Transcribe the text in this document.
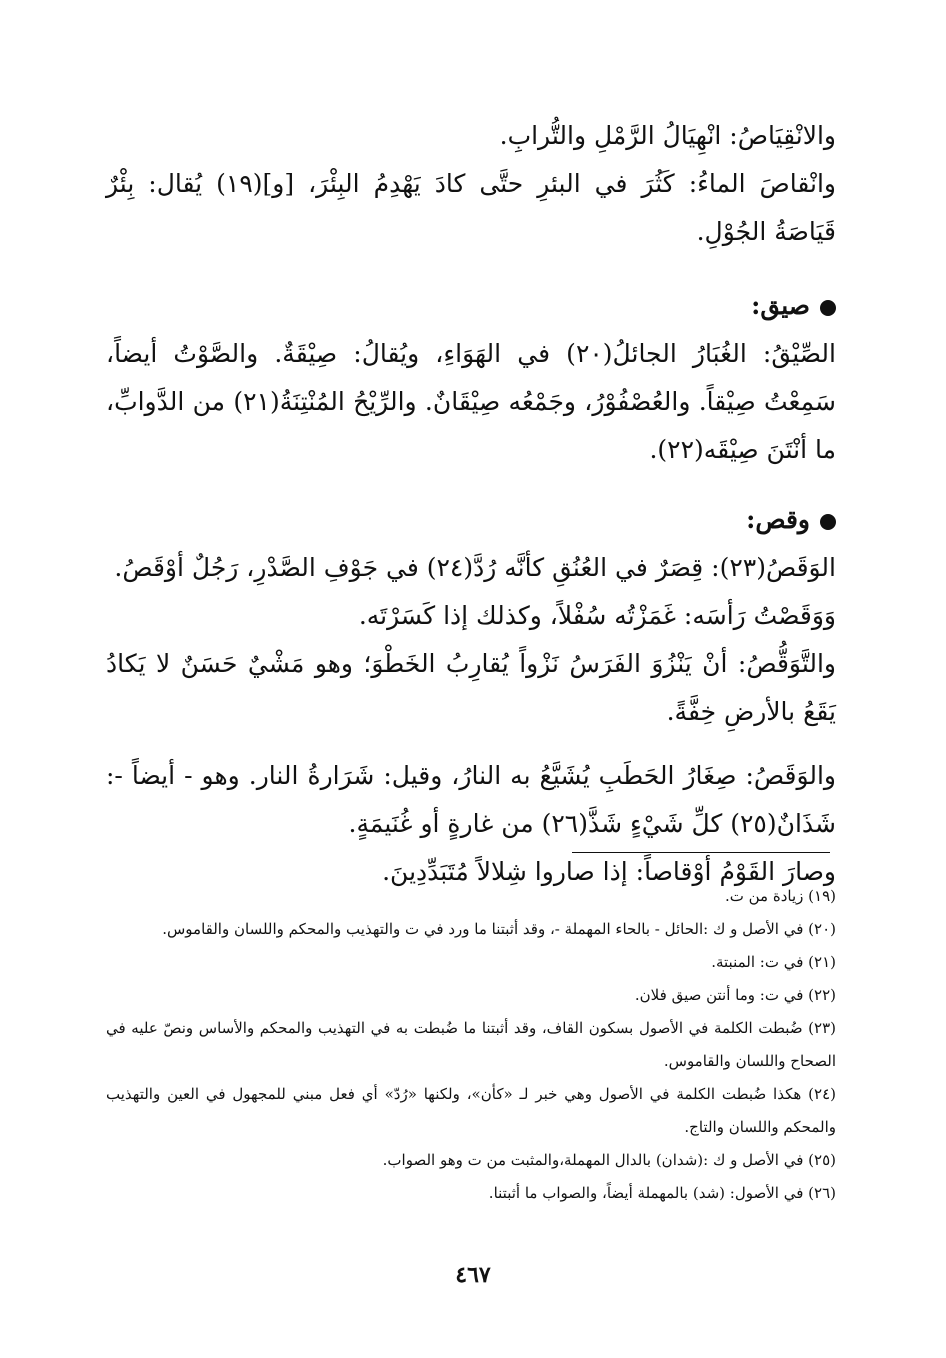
والانْقِيَاصُ: انْهِيَالُ الرَّمْلِ والتُّرابِ.

وانْقاصَ الماءُ: كَثُرَ في البئرِ حتَّى كادَ يَهْدِمُ البِئْرَ، [و](١٩) يُقال: بِئْرٌ قَيَاصَةُ الجُوْلِ.

صيق:

الصِّيْقُ: الغُبَارُ الجائلُ(٢٠) في الهَوَاءِ، ويُقالُ: صِيْقَةٌ. والصَّوْتُ أيضاً، سَمِعْتُ صِيْقاً. والعُصْفُوْرُ، وجَمْعُه صِيْقَانٌ. والرِّيْحُ المُنْتِنَةُ(٢١) من الدَّوابِّ، ما أنْتَنَ صِيْقَه(٢٢).

وقص:

الوَقَصُ(٢٣): قِصَرٌ في العُنُقِ كأنَّه رُدَّ(٢٤) في جَوْفِ الصَّدْرِ، رَجُلٌ أوْقَصُ.

وَوَقَصْتُ رَأسَه: غَمَزْتُه سُفْلاً، وكذلك إذا كَسَرْتَه.

والتَّوَقُّصُ: أنْ يَنْزُوَ الفَرَسُ نَزْواً يُقارِبُ الخَطْوَ؛ وهو مَشْيٌ حَسَنٌ لا يَكادُ يَقَعُ بالأرضِ خِفَّةً.

والوَقَصُ: صِغَارُ الحَطَبِ يُشَيَّعُ به النارُ، وقيل: شَرَارةُ النار. وهو - أيضاً -: شَذَانٌ(٢٥) كلِّ شَيْءٍ شَذَّ(٢٦) من غارةٍ أو غُنَيمَةٍ.

وصارَ القَوْمُ أوْقاصاً: إذا صاروا شِلالاً مُتَبَدِّدِينَ.

(١٩) زيادة من ت.

(٢٠) في الأصل و ك :الحائل - بالحاء المهملة -، وقد أثبتنا ما ورد في ت والتهذيب والمحكم واللسان والقاموس.

(٢١) في ت: المنبتة.

(٢٢) في ت: وما أنتن صيق فلان.

(٢٣) ضُبطت الكلمة في الأصول بسكون القاف، وقد أثبتنا ما ضُبطت به في التهذيب والمحكم والأساس ونصّ عليه في الصحاح واللسان والقاموس.

(٢٤) هكذا ضُبطت الكلمة في الأصول وهي خبر لـ «كأن»، ولكنها «رُدّ» أي فعل مبني للمجهول في العين والتهذيب والمحكم واللسان والتاج.

(٢٥) في الأصل و ك :(شدان) بالدال المهملة،والمثبت من ت وهو الصواب.

(٢٦) في الأصول: (شد) بالمهملة أيضاً، والصواب ما أثبتنا.

٤٦٧
